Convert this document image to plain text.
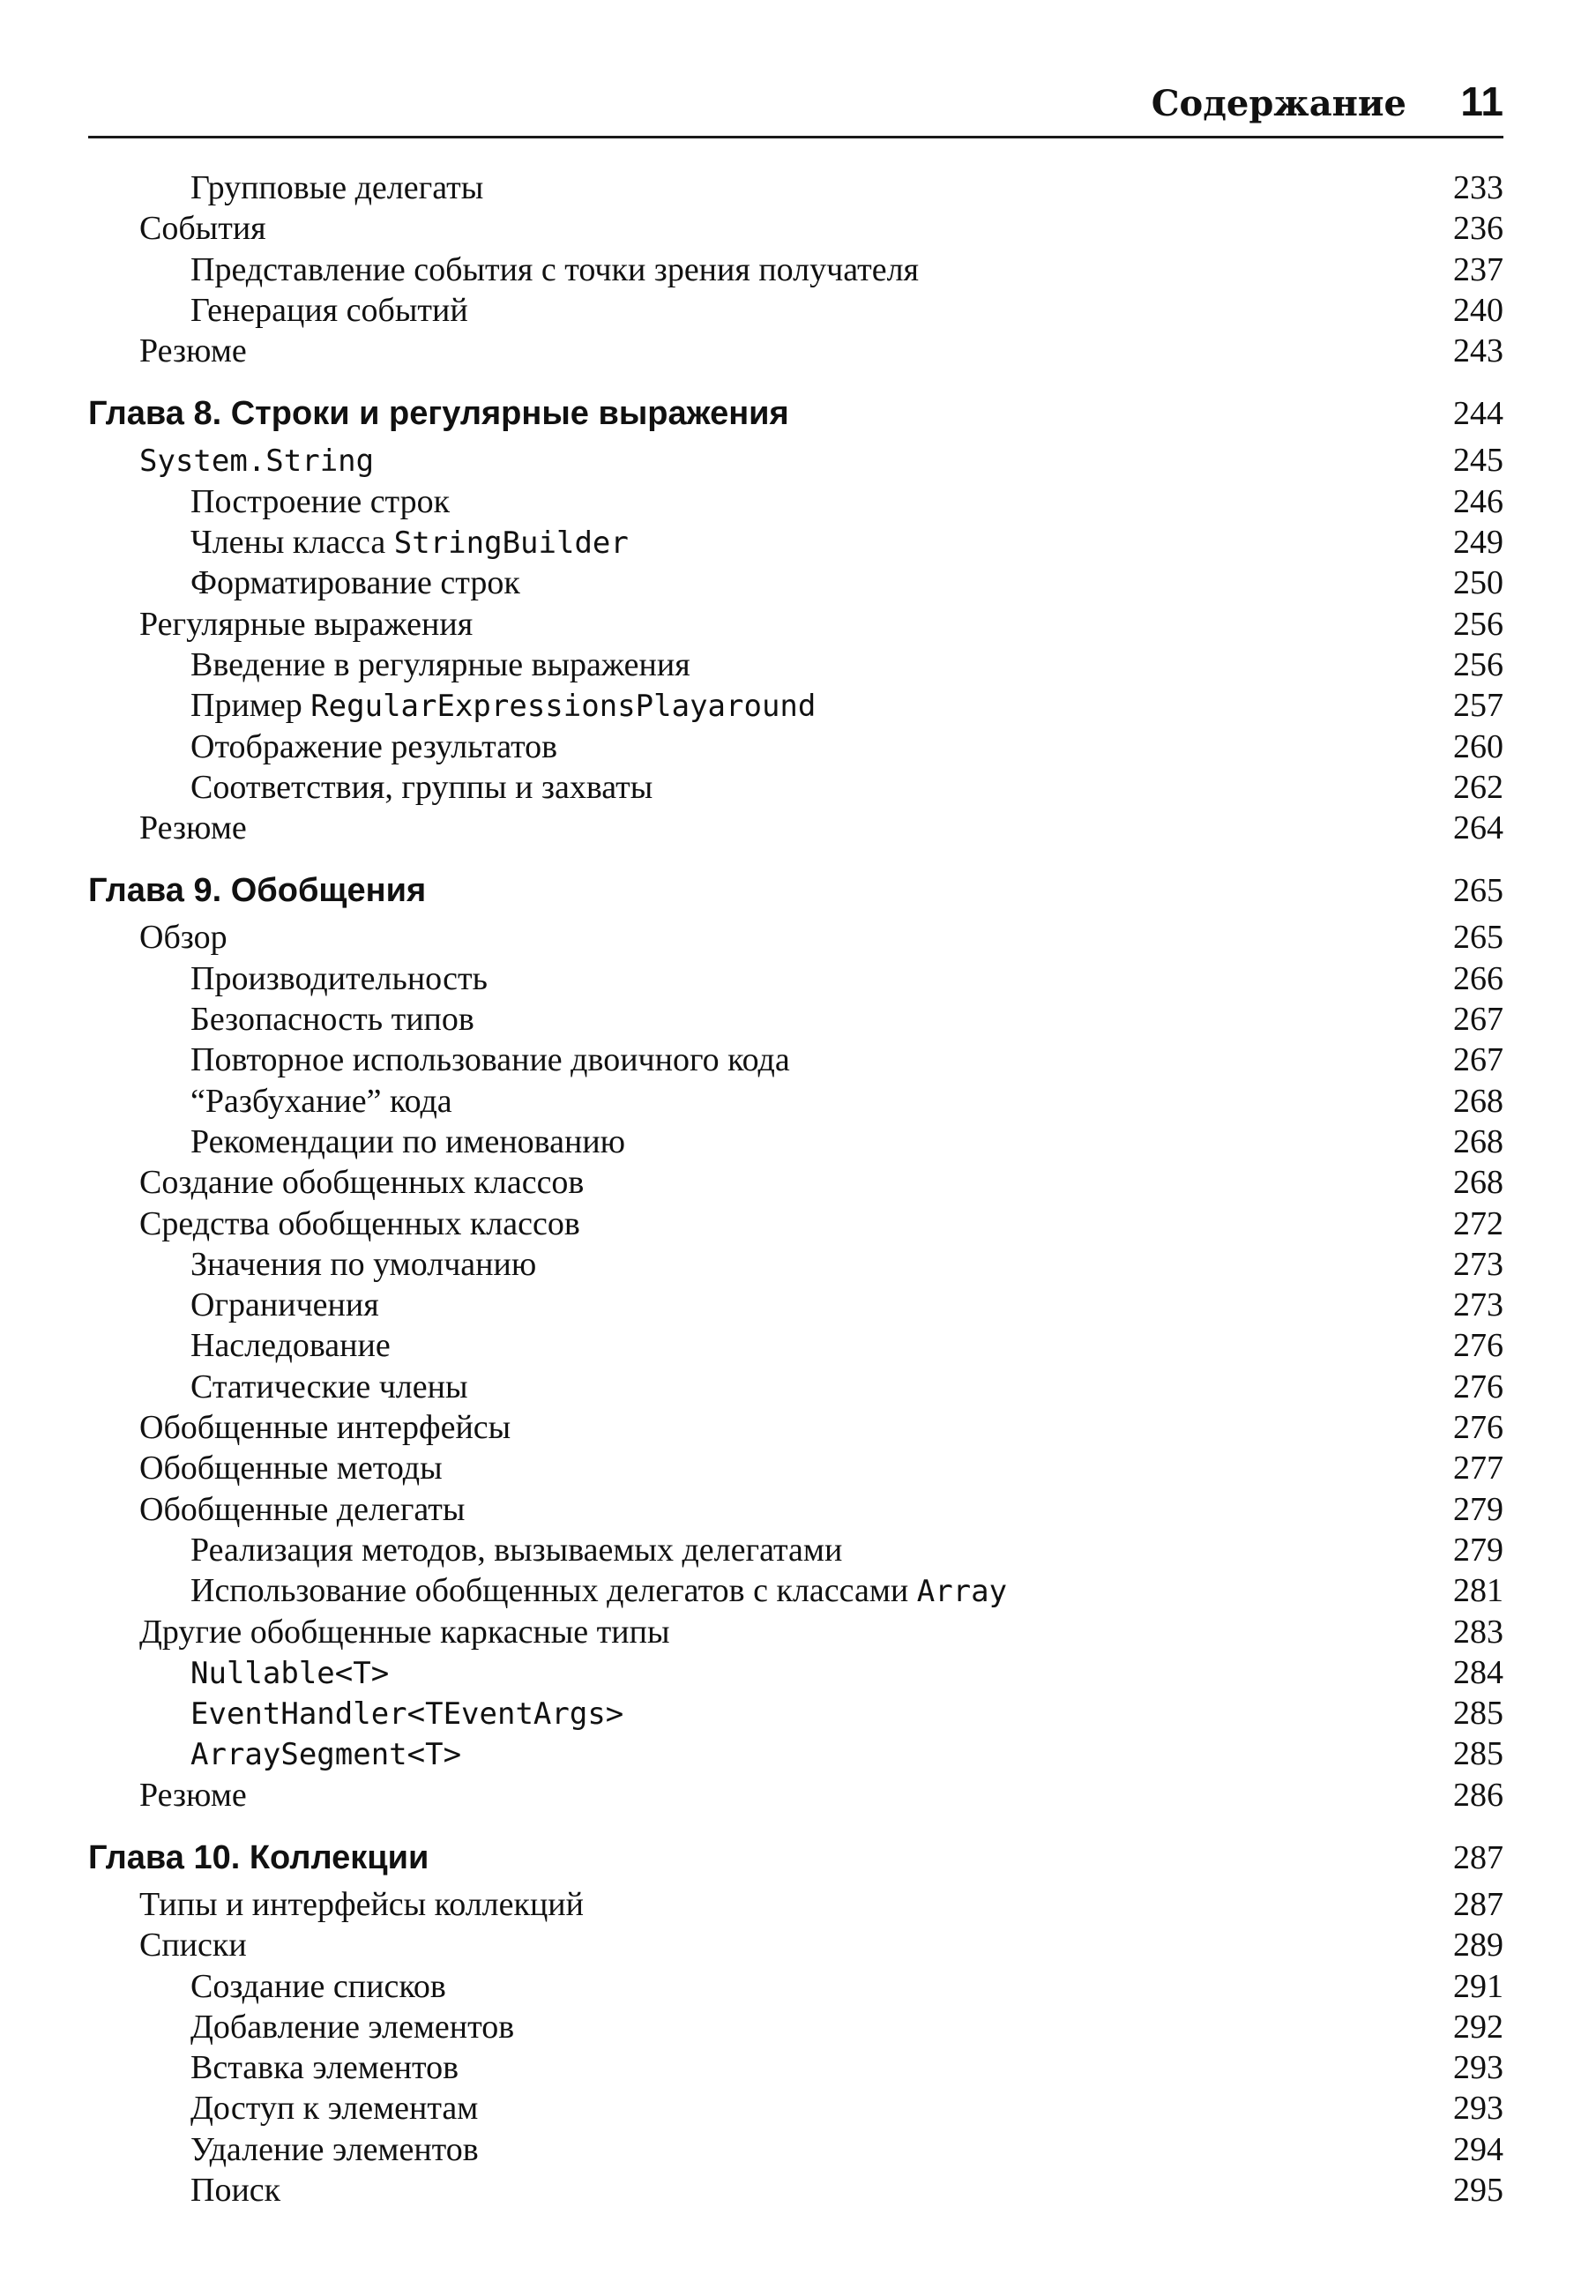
Содержание 11
Групповые делегаты	233
События	236
Представление события с точки зрения получателя	237
Генерация событий	240
Резюме	243
Глава 8. Строки и регулярные выражения	244
System.String	245
Построение строк	246
Члены класса StringBuilder	249
Форматирование строк	250
Регулярные выражения	256
Введение в регулярные выражения	256
Пример RegularExpressionsPlayaround	257
Отображение результатов	260
Соответствия, группы и захваты	262
Резюме	264
Глава 9. Обобщения	265
Обзор	265
Производительность	266
Безопасность типов	267
Повторное использование двоичного кода	267
“Разбухание” кода	268
Рекомендации по именованию	268
Создание обобщенных классов	268
Средства обобщенных классов	272
Значения по умолчанию	273
Ограничения	273
Наследование	276
Статические члены	276
Обобщенные интерфейсы	276
Обобщенные методы	277
Обобщенные делегаты	279
Реализация методов, вызываемых делегатами	279
Использование обобщенных делегатов с классами Array	281
Другие обобщенные каркасные типы	283
Nullable<T>	284
EventHandler<TEventArgs>	285
ArraySegment<T>	285
Резюме	286
Глава 10. Коллекции	287
Типы и интерфейсы коллекций	287
Списки	289
Создание списков	291
Добавление элементов	292
Вставка элементов	293
Доступ к элементам	293
Удаление элементов	294
Поиск	295
